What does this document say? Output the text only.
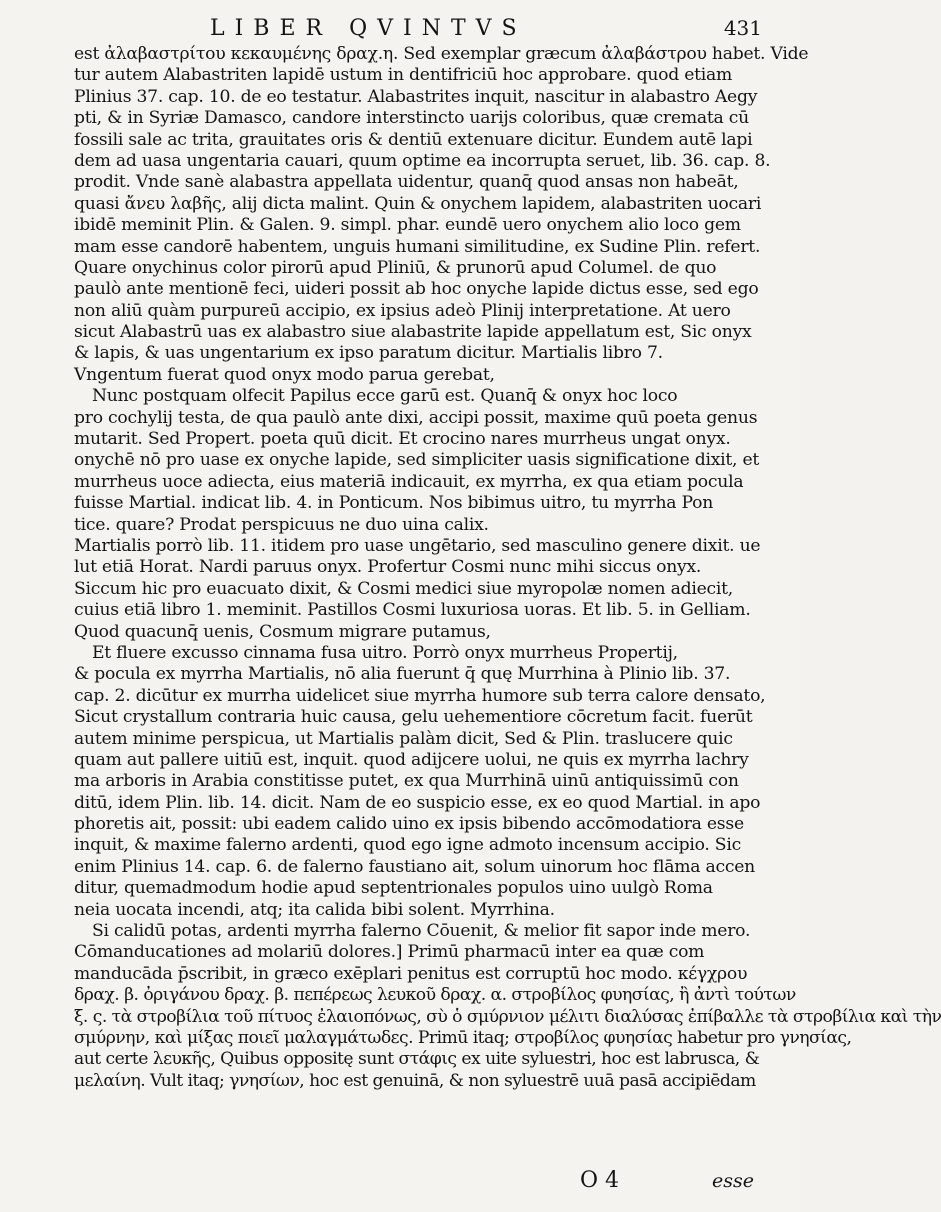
LIBER QVINTVS	431
est ἀλαβαστρίτου κεκαυμένης δραχ.η. Sed exemplar græcum ἀλαβάστρου habet. Vide
tur autem Alabastriten lapidē ustum in dentifriciū hoc approbare. quod etiam
Plinius 37. cap. 10. de eo testatur. Alabastrites inquit, nascitur in alabastro Aegy
pti, & in Syriæ Damasco, candore interstincto uarijs coloribus, quæ cremata cū
fossili sale ac trita, grauitates oris & dentiū extenuare dicitur. Eundem autē lapi
dem ad uasa ungentaria cauari, quum optime ea incorrupta seruet, lib. 36. cap. 8.
prodit. Vnde sanè alabastra appellata uidentur, quanq̄ quod ansas non habeāt,
quasi ἄνευ λαβῆς, alij dicta malint. Quin & onychem lapidem, alabastriten uocari
ibidē meminit Plin. & Galen. 9. simpl. phar. eundē uero onychem alio loco gem
mam esse candorē habentem, unguis humani similitudine, ex Sudine Plin. refert.
Quare onychinus color pirorū apud Pliniū, & prunorū apud Columel. de quo
paulò ante mentionē feci, uideri possit ab hoc onyche lapide dictus esse, sed ego
non aliū quàm purpureū accipio, ex ipsius adeò Plinij interpretatione. At uero
sicut Alabastrū uas ex alabastro siue alabastrite lapide appellatum est, Sic onyx
& lapis, & uas ungentarium ex ipso paratum dicitur. Martialis libro 7.
Vngentum fuerat quod onyx modo parua gerebat,
Nunc postquam olfecit Papilus ecce garū est. Quanq̄ & onyx hoc loco
pro cochylij testa, de qua paulò ante dixi, accipi possit, maxime quū poeta genus
mutarit. Sed Propert. poeta quū dicit. Et crocino nares murrheus ungat onyx.
onychē nō pro uase ex onyche lapide, sed simpliciter uasis significatione dixit, et
murrheus uoce adiecta, eius materiā indicauit, ex myrrha, ex qua etiam pocula
fuisse Martial. indicat lib. 4. in Ponticum. Nos bibimus uitro, tu myrrha Pon
tice. quare? Prodat perspicuus ne duo uina calix.
Martialis porrò lib. 11. itidem pro uase ungētario, sed masculino genere dixit. ue
lut etiā Horat. Nardi paruus onyx. Profertur Cosmi nunc mihi siccus onyx.
Siccum hic pro euacuato dixit, & Cosmi medici siue myropolæ nomen adiecit,
cuius etiā libro 1. meminit. Pastillos Cosmi luxuriosa uoras. Et lib. 5. in Gelliam.
Quod quacunq̄ uenis, Cosmum migrare putamus,
Et fluere excusso cinnama fusa uitro. Porrò onyx murrheus Propertij,
& pocula ex myrrha Martialis, nō alia fuerunt q̄ quę Murrhina à Plinio lib. 37.
cap. 2. dicūtur ex murrha uidelicet siue myrrha humore sub terra calore densato,
Sicut crystallum contraria huic causa, gelu uehementiore cōcretum facit. fuerūt
autem minime perspicua, ut Martialis palàm dicit, Sed & Plin. traslucere quic
quam aut pallere uitiū est, inquit. quod adijcere uolui, ne quis ex myrrha lachry
ma arboris in Arabia constitisse putet, ex qua Murrhinā uinū antiquissimū con
ditū, idem Plin. lib. 14. dicit. Nam de eo suspicio esse, ex eo quod Martial. in apo
phoretis ait, possit: ubi eadem calido uino ex ipsis bibendo accōmodatiora esse
inquit, & maxime falerno ardenti, quod ego igne admoto incensum accipio. Sic
enim Plinius 14. cap. 6. de falerno faustiano ait, solum uinorum hoc flāma accen
ditur, quemadmodum hodie apud septentrionales populos uino uulgò Roma
neia uocata incendi, atq; ita calida bibi solent. Myrrhina.
Si calidū potas, ardenti myrrha falerno Cōuenit, & melior fit sapor inde mero.
Cōmanducationes ad molariū dolores.] Primū pharmacū inter ea quæ com
manducāda p̄scribit, in græco exēplari penitus est corruptū hoc modo. κέγχρου
δραχ. β. ὀριγάνου δραχ. β. πεπέρεως λευκοῦ δραχ. α. στροβίλος φυησίας, ἢ ἀντὶ τούτων
ξ. ς. τὰ στροβίλια τοῦ πίτυος ἐλαιοπόνως, σὺ ὁ σμύρνιον μέλιτι διαλύσας ἐπίβαλλε τὰ στροβίλια καὶ τὴν
σμύρνην, καὶ μίξας ποιεῖ μαλαγμάτωδες. Primū itaq; στροβίλος φυησίας habetur pro γνησίας,
aut certe λευκῆς, Quibus oppositę sunt στάφις ex uite syluestri, hoc est labrusca, &
μελαίνη. Vult itaq; γνησίων, hoc est genuinā, & non syluestrē uuā pasā accipiēdam
O 4	esse
